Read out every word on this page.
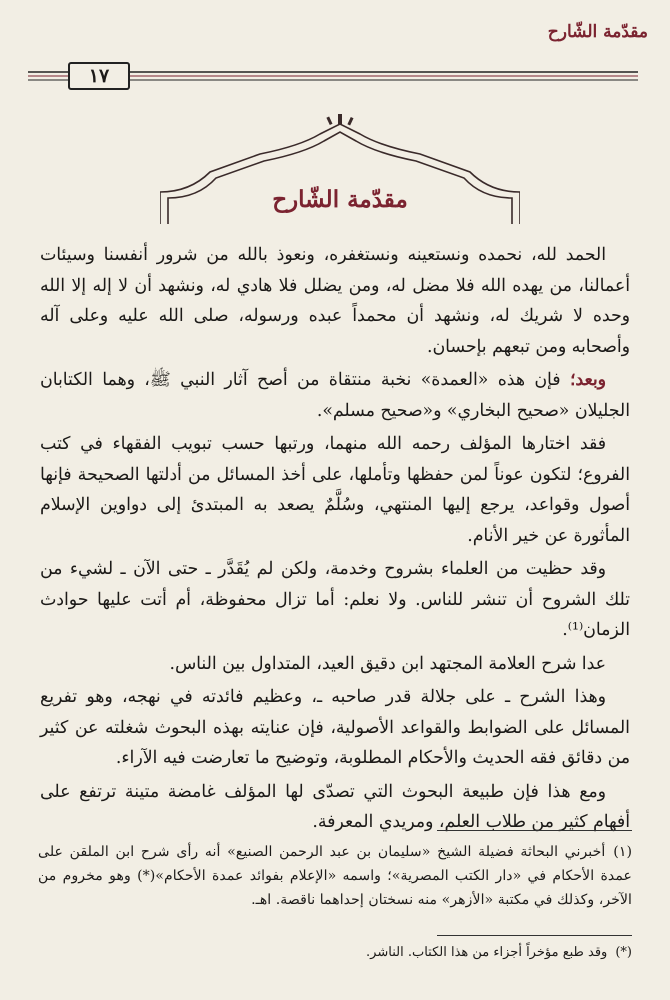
مقدّمة الشّارح
١٧
مقدّمة الشّارح

الحمد لله، نحمده ونستعينه ونستغفره، ونعوذ بالله من شرور أنفسنا وسيئات أعمالنا، من يهده الله فلا مضل له، ومن يضلل فلا هادي له، ونشهد أن لا إله إلا الله وحده لا شريك له، ونشهد أن محمداً عبده ورسوله، صلى الله عليه وعلى آله وأصحابه ومن تبعهم بإحسان.

وبعد؛ فإن هذه «العمدة» نخبة منتقاة من أصح آثار النبي ﷺ، وهما الكتابان الجليلان «صحيح البخاري» و«صحيح مسلم».

فقد اختارها المؤلف رحمه الله منهما، ورتبها حسب تبويب الفقهاء في كتب الفروع؛ لتكون عوناً لمن حفظها وتأملها، على أخذ المسائل من أدلتها الصحيحة فإنها أصول وقواعد، يرجع إليها المنتهي، وسُلَّمٌ يصعد به المبتدئ إلى دواوين الإسلام المأثورة عن خير الأنام.

وقد حظيت من العلماء بشروح وخدمة، ولكن لم يُقَدَّر ـ حتى الآن ـ لشيء من تلك الشروح أن تنشر للناس. ولا نعلم: أما تزال محفوظة، أم أتت عليها حوادث الزمان⁽¹⁾.

عدا شرح العلامة المجتهد ابن دقيق العيد، المتداول بين الناس.

وهذا الشرح ـ على جلالة قدر صاحبه ـ، وعظيم فائدته في نهجه، وهو تفريع المسائل على الضوابط والقواعد الأصولية، فإن عنايته بهذه البحوث شغلته عن كثير من دقائق فقه الحديث والأحكام المطلوبة، وتوضيح ما تعارضت فيه الآراء.

ومع هذا فإن طبيعة البحوث التي تصدّى لها المؤلف غامضة متينة ترتفع على أفهام كثير من طلاب العلم، ومريدي المعرفة.

(١)أخبرني البحاثة فضيلة الشيخ «سليمان بن عبد الرحمن الصنيع» أنه رأى شرح ابن الملقن على عمدة الأحكام في «دار الكتب المصرية»؛ واسمه «الإعلام بفوائد عمدة الأحكام»(*) وهو مخروم من الآخر، وكذلك في مكتبة «الأزهر» منه نسختان إحداهما ناقصة. اهـ.
(*)وقد طبع مؤخراً أجزاء من هذا الكتاب. الناشر.
